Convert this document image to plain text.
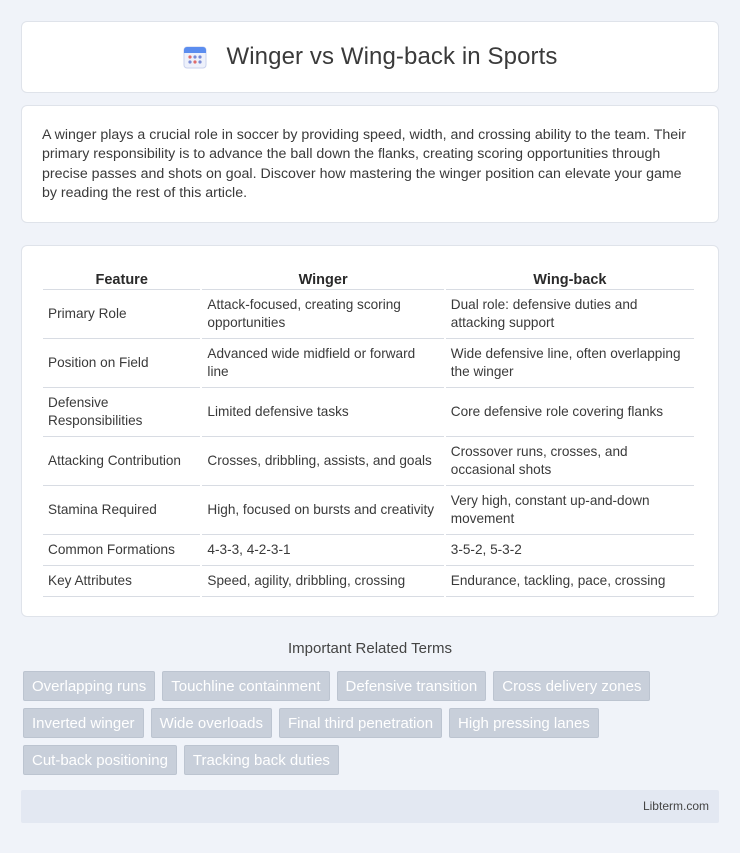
Winger vs Wing-back in Sports

A winger plays a crucial role in soccer by providing speed, width, and crossing ability to the team. Their primary responsibility is to advance the ball down the flanks, creating scoring opportunities through precise passes and shots on goal. Discover how mastering the winger position can elevate your game by reading the rest of this article.

Feature	Winger	Wing-back
Primary Role	Attack-focused, creating scoring opportunities	Dual role: defensive duties and attacking support
Position on Field	Advanced wide midfield or forward line	Wide defensive line, often overlapping the winger
Defensive Responsibilities	Limited defensive tasks	Core defensive role covering flanks
Attacking Contribution	Crosses, dribbling, assists, and goals	Crossover runs, crosses, and occasional shots
Stamina Required	High, focused on bursts and creativity	Very high, constant up-and-down movement
Common Formations	4-3-3, 4-2-3-1	3-5-2, 5-3-2
Key Attributes	Speed, agility, dribbling, crossing	Endurance, tackling, pace, crossing
Important Related Terms
Overlapping runs	Touchline containment	Defensive transition	Cross delivery zones
Inverted winger	Wide overloads	Final third penetration	High pressing lanes
Cut-back positioning	Tracking back duties
Libterm.com
